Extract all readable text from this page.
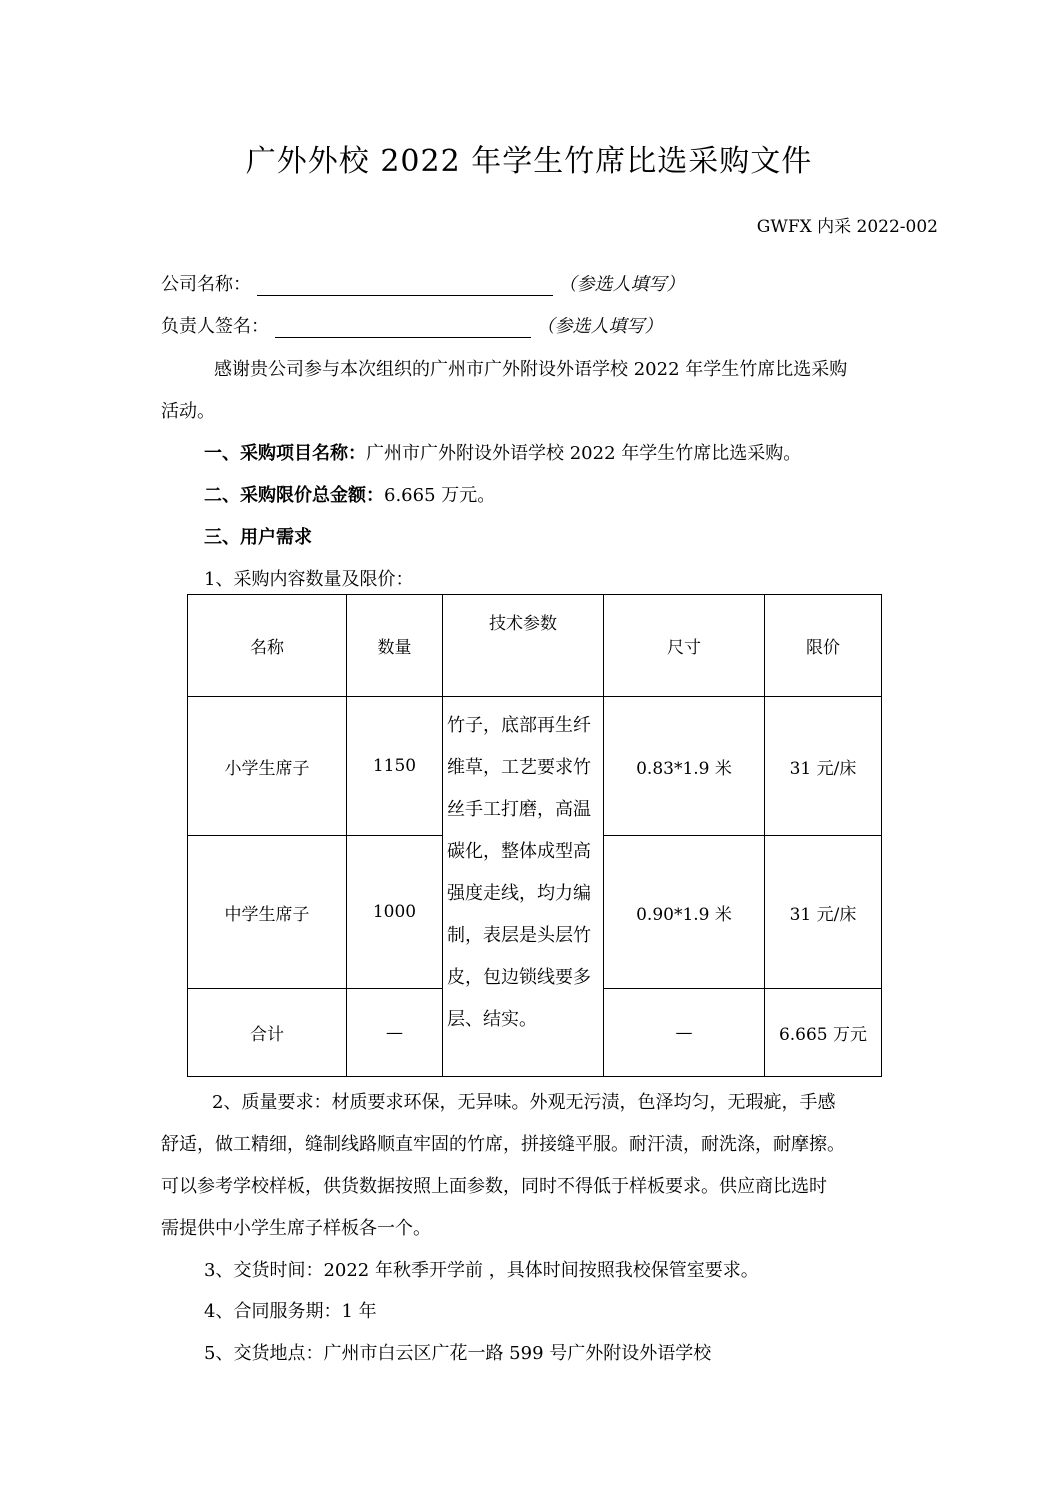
广外外校 2022 年学生竹席比选采购文件
GWFX 内采 2022-002
公司名称：	（参选人填写）
负责人签名：	（参选人填写）
感谢贵公司参与本次组织的广州市广外附设外语学校 2022 年学生竹席比选采购
活动。
一、采购项目名称：广州市广外附设外语学校 2022 年学生竹席比选采购。
二、采购限价总金额：6.665 万元。
三、用户需求
1、采购内容数量及限价：
名称	数量	技术参数	尺寸	限价
小学生席子	1150	竹子，底部再生纤维草，工艺要求竹丝手工打磨，高温碳化，整体成型高强度走线，均力编制，表层是头层竹皮，包边锁线要多层、结实。	0.83*1.9 米	31 元/床
中学生席子	1000		0.90*1.9 米	31 元/床
合计	—		—	6.665 万元
2、质量要求：材质要求环保，无异味。外观无污渍，色泽均匀，无瑕疵，手感
舒适，做工精细，缝制线路顺直牢固的竹席，拼接缝平服。耐汗渍，耐洗涤，耐摩擦。
可以参考学校样板，供货数据按照上面参数，同时不得低于样板要求。供应商比选时
需提供中小学生席子样板各一个。
3、交货时间：2022 年秋季开学前 ，具体时间按照我校保管室要求。
4、合同服务期：1 年
5、交货地点：广州市白云区广花一路 599 号广外附设外语学校
